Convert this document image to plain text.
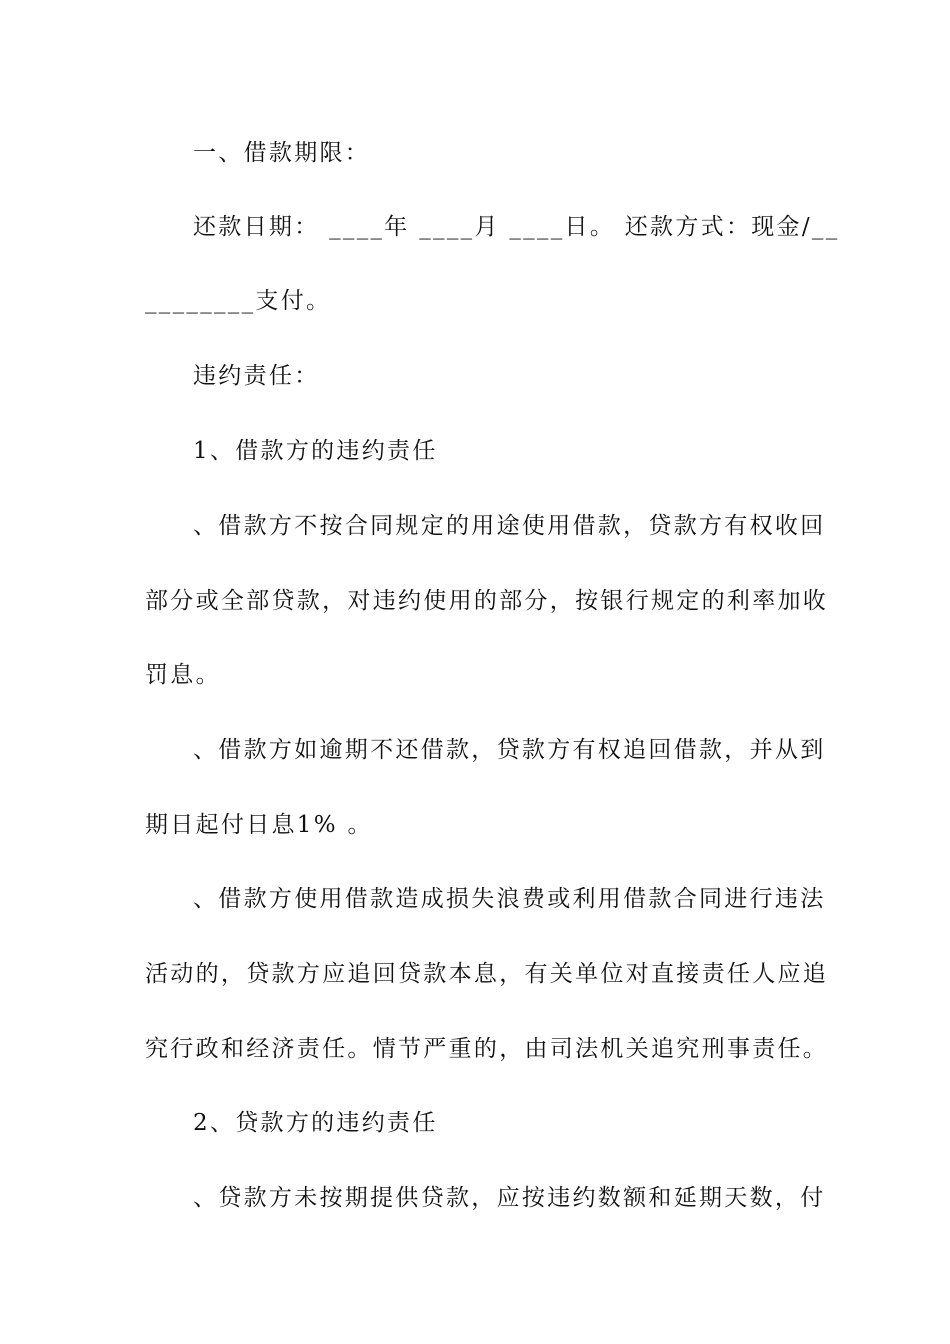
一、借款期限：
还款日期： ____年 ____月 ____日。 还款方式：现金/__
________支付。
违约责任：
1、借款方的违约责任
、借款方不按合同规定的用途使用借款，贷款方有权收回
部分或全部贷款，对违约使用的部分，按银行规定的利率加收
罚息。
、借款方如逾期不还借款，贷款方有权追回借款，并从到
期日起付日息1% 。
、借款方使用借款造成损失浪费或利用借款合同进行违法
活动的，贷款方应追回贷款本息，有关单位对直接责任人应追
究行政和经济责任。情节严重的，由司法机关追究刑事责任。
2、贷款方的违约责任
、贷款方未按期提供贷款，应按违约数额和延期天数，付
